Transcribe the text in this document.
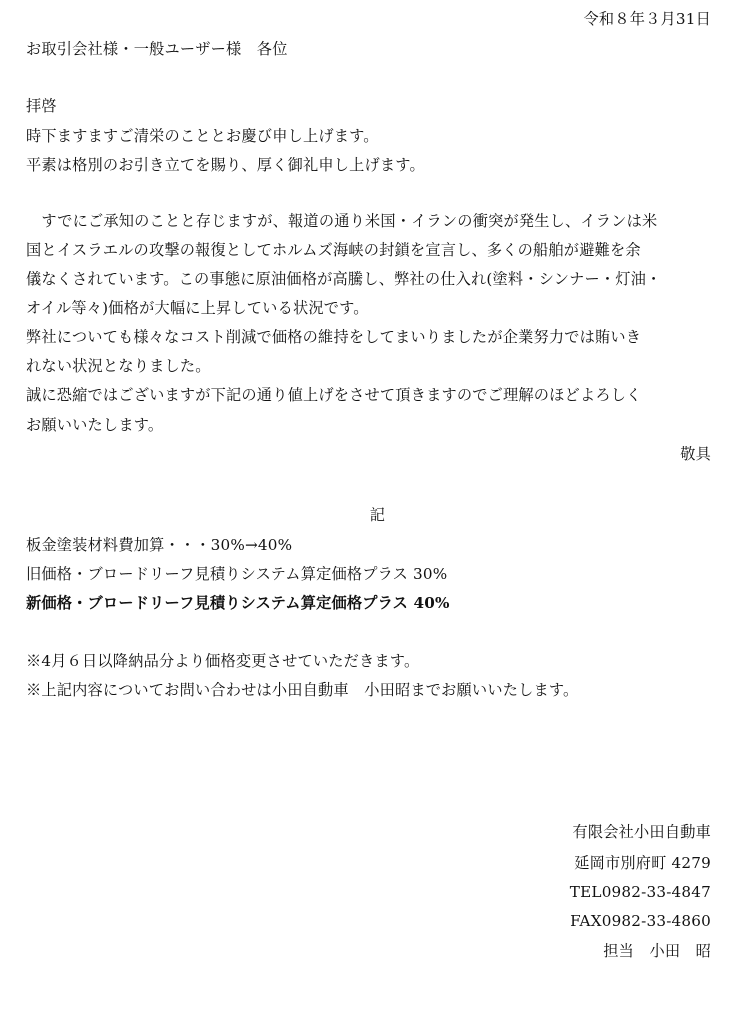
令和８年３月31日
お取引会社様・一般ユーザー様　各位
拝啓
時下ますますご清栄のこととお慶び申し上げます。
平素は格別のお引き立てを賜り、厚く御礼申し上げます。
　すでにご承知のことと存じますが、報道の通り米国・イランの衝突が発生し、イランは米
国とイスラエルの攻撃の報復としてホルムズ海峡の封鎖を宣言し、多くの船舶が避難を余
儀なくされています。この事態に原油価格が高騰し、弊社の仕入れ(塗料・シンナー・灯油・
オイル等々)価格が大幅に上昇している状況です。
弊社についても様々なコスト削減で価格の維持をしてまいりましたが企業努力では賄いき
れない状況となりました。
誠に恐縮ではございますが下記の通り値上げをさせて頂きますのでご理解のほどよろしく
お願いいたします。
敬具
記
板金塗装材料費加算・・・30%→40%
旧価格・ブロードリーフ見積りシステム算定価格プラス 30%
新価格・ブロードリーフ見積りシステム算定価格プラス 40%
※4月６日以降納品分より価格変更させていただきます。
※上記内容についてお問い合わせは小田自動車　小田昭までお願いいたします。
有限会社小田自動車
延岡市別府町 4279
TEL0982-33-4847
FAX0982-33-4860
担当　小田　昭
